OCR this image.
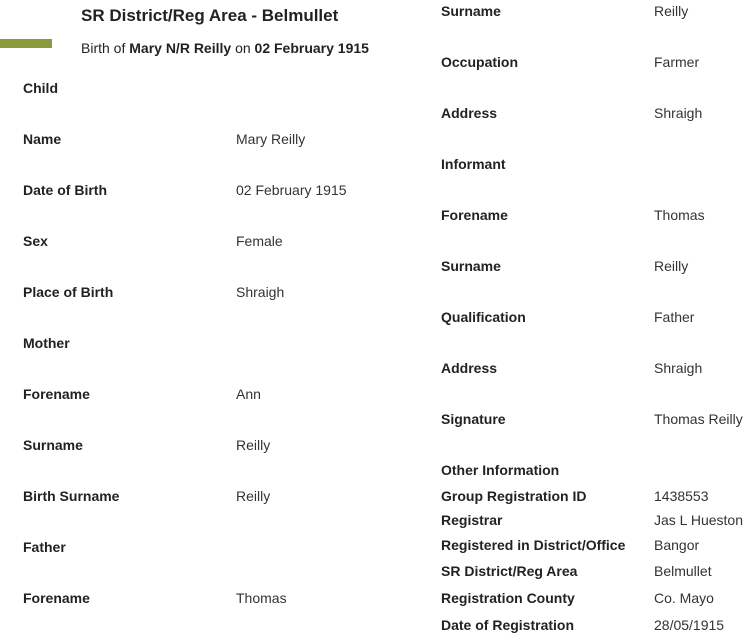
SR District/Reg Area - Belmullet
Birth of Mary N/R Reilly on 02 February 1915
Child
Name	Mary Reilly
Date of Birth	02 February 1915
Sex	Female
Place of Birth	Shraigh
Mother
Forename	Ann
Surname	Reilly
Birth Surname	Reilly
Father
Forename	Thomas
Surname	Reilly
Occupation	Farmer
Address	Shraigh
Informant
Forename	Thomas
Surname	Reilly
Qualification	Father
Address	Shraigh
Signature	Thomas Reilly
Other Information
Group Registration ID	1438553
Registrar	Jas L Hueston
Registered in District/Office Bangor
SR District/Reg Area	Belmullet
Registration County	Co. Mayo
Date of Registration	28/05/1915
